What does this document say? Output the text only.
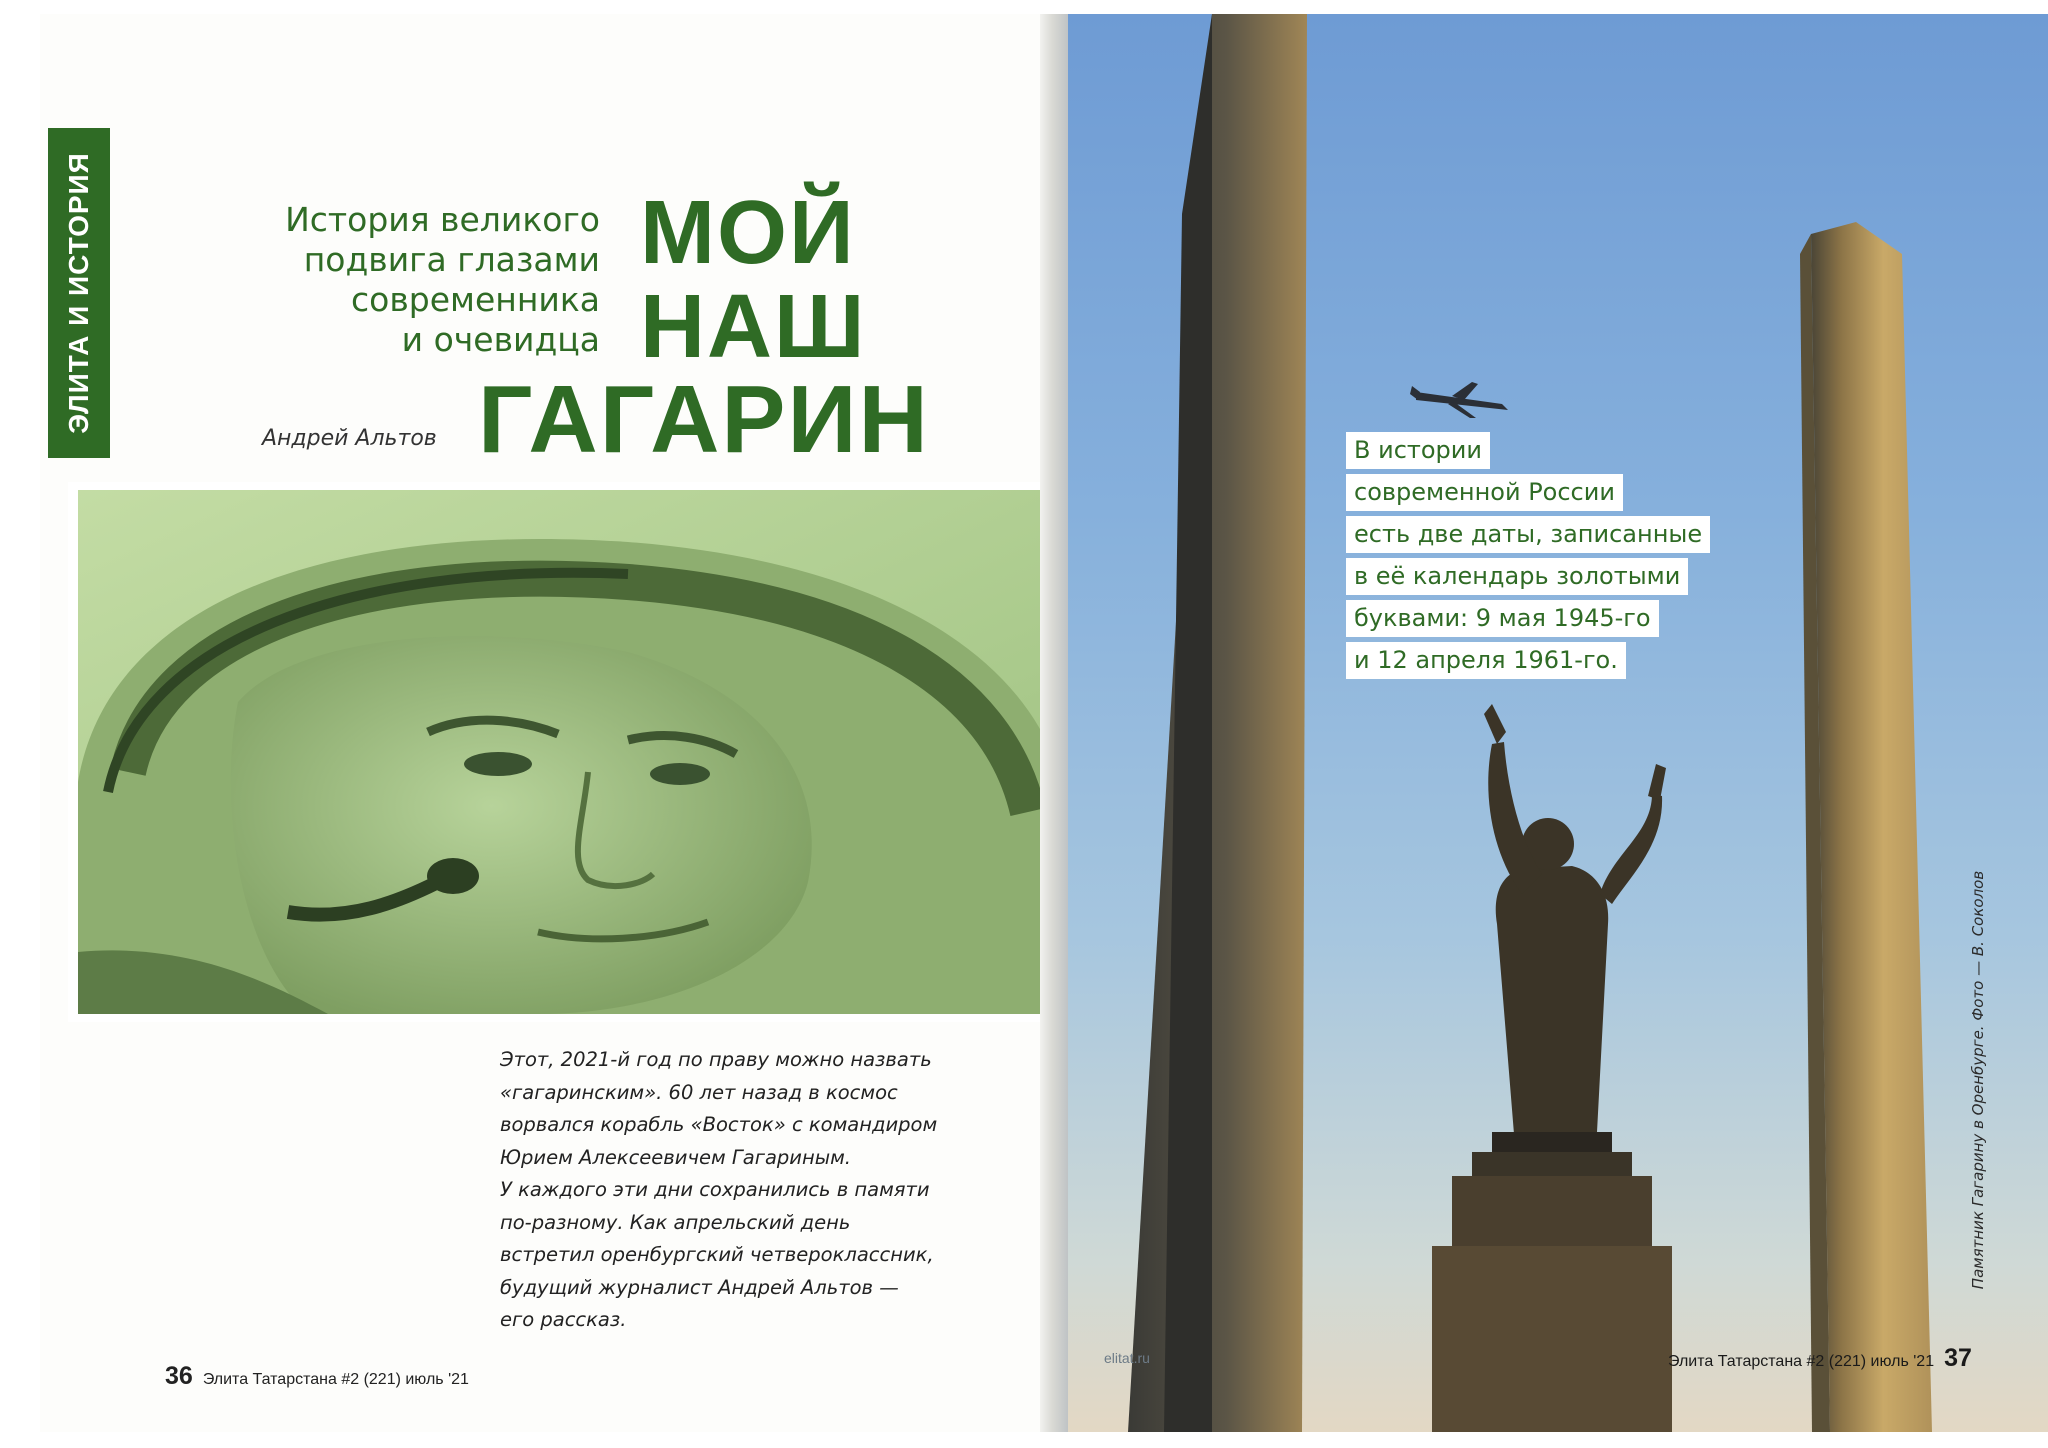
ЭЛИТА И ИСТОРИЯ	История великого
подвига глазами
современника
и очевидца
МОЙ
НАШ
ГАГАРИН
Андрей Альтов
Этот, 2021-й год по праву можно назвать
«гагаринским». 60 лет назад в космос
ворвался корабль «Восток» с командиром
Юрием Алексеевичем Гагариным.
У каждого эти дни сохранились в памяти
по-разному. Как апрельский день
встретил оренбургский четвероклассник,
будущий журналист Андрей Альтов —
его рассказ.
36 Элита Татарстана #2 (221) июль '21
В истории
современной России
есть две даты, записанные
в её календарь золотыми
буквами: 9 мая 1945-го
и 12 апреля 1961-го.
Памятник Гагарину в Оренбурге. Фото — В. Соколов
elitat.ru	Элита Татарстана #2 (221) июль '21 37
